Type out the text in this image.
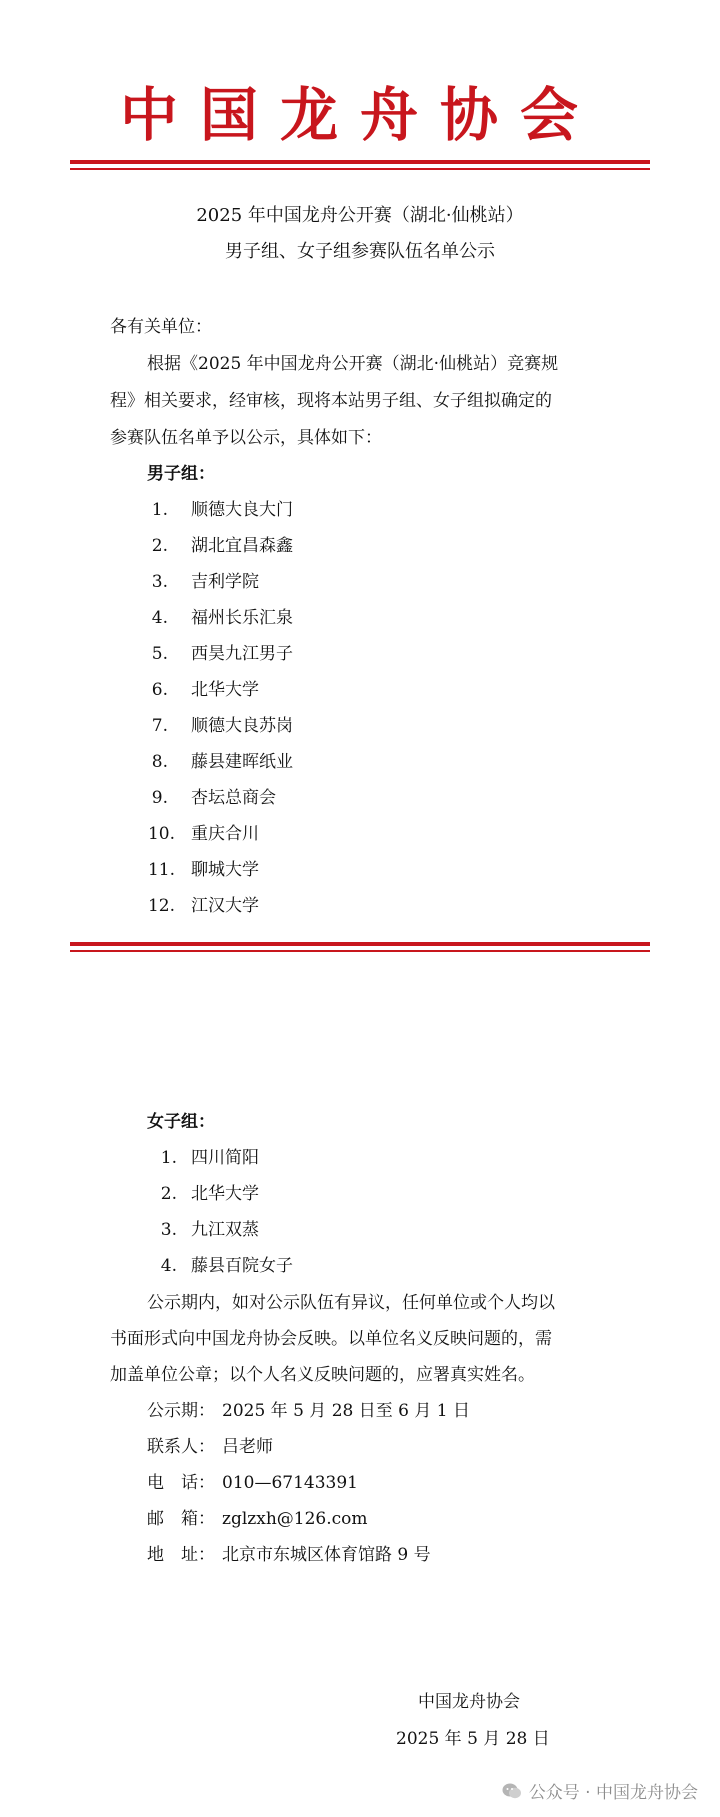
中国龙舟协会
2025 年中国龙舟公开赛（湖北·仙桃站）
男子组、女子组参赛队伍名单公示
各有关单位：
根据《2025 年中国龙舟公开赛（湖北·仙桃站）竞赛规
程》相关要求，经审核，现将本站男子组、女子组拟确定的
参赛队伍名单予以公示，具体如下：
男子组：
1. 顺德大良大门
2. 湖北宜昌森鑫
3. 吉利学院
4. 福州长乐汇泉
5. 西昊九江男子
6. 北华大学
7. 顺德大良苏岗
8. 藤县建晖纸业
9. 杏坛总商会
10. 重庆合川
11. 聊城大学
12. 江汉大学
女子组：
1. 四川简阳
2. 北华大学
3. 九江双蒸
4. 藤县百院女子
公示期内，如对公示队伍有异议，任何单位或个人均以
书面形式向中国龙舟协会反映。以单位名义反映问题的，需
加盖单位公章；以个人名义反映问题的，应署真实姓名。
公示期： 2025 年 5 月 28 日至 6 月 1 日
联系人： 吕老师
电　话： 010—67143391
邮　箱： zglzxh@126.com
地　址： 北京市东城区体育馆路 9 号
中国龙舟协会
2025 年 5 月 28 日
公众号 · 中国龙舟协会
